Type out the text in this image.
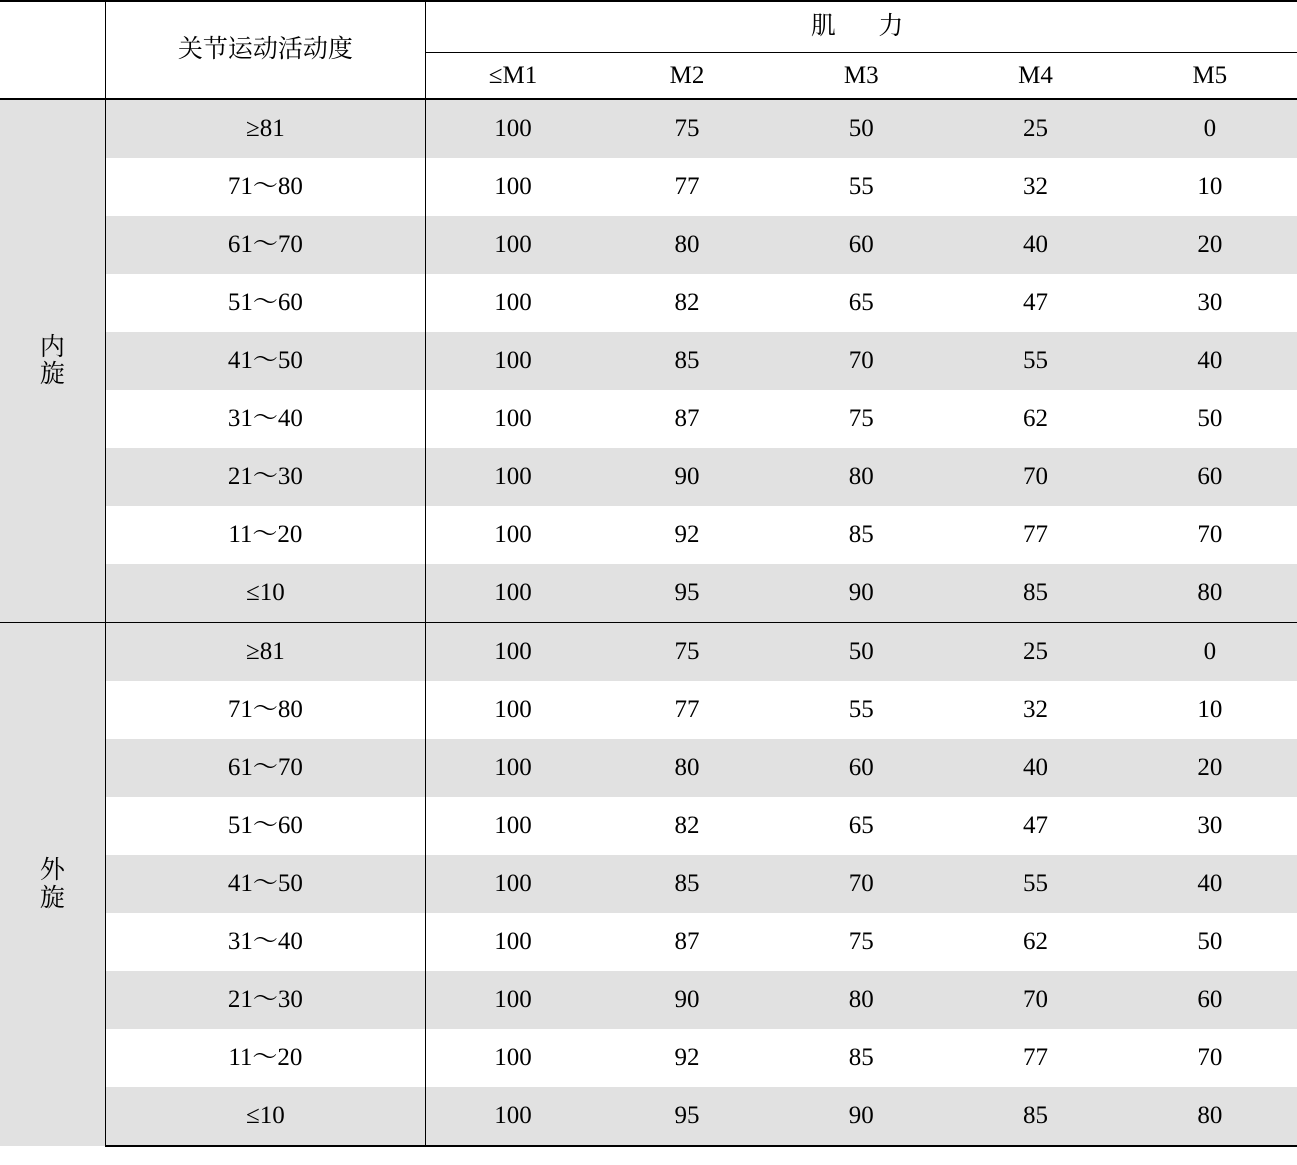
	关节运动活动度	肌　力				
		≤M1	M2	M3	M4	M5

内
旋	≥81	100	75	50	25	0
	71～80	100	77	55	32	10
	61～70	100	80	60	40	20
	51～60	100	82	65	47	30
	41～50	100	85	70	55	40
	31～40	100	87	75	62	50
	21～30	100	90	80	70	60
	11～20	100	92	85	77	70
	≤10	100	95	90	85	80

外
旋	≥81	100	75	50	25	0
	71～80	100	77	55	32	10
	61～70	100	80	60	40	20
	51～60	100	82	65	47	30
	41～50	100	85	70	55	40
	31～40	100	87	75	62	50
	21～30	100	90	80	70	60
	11～20	100	92	85	77	70
	≤10	100	95	90	85	80
